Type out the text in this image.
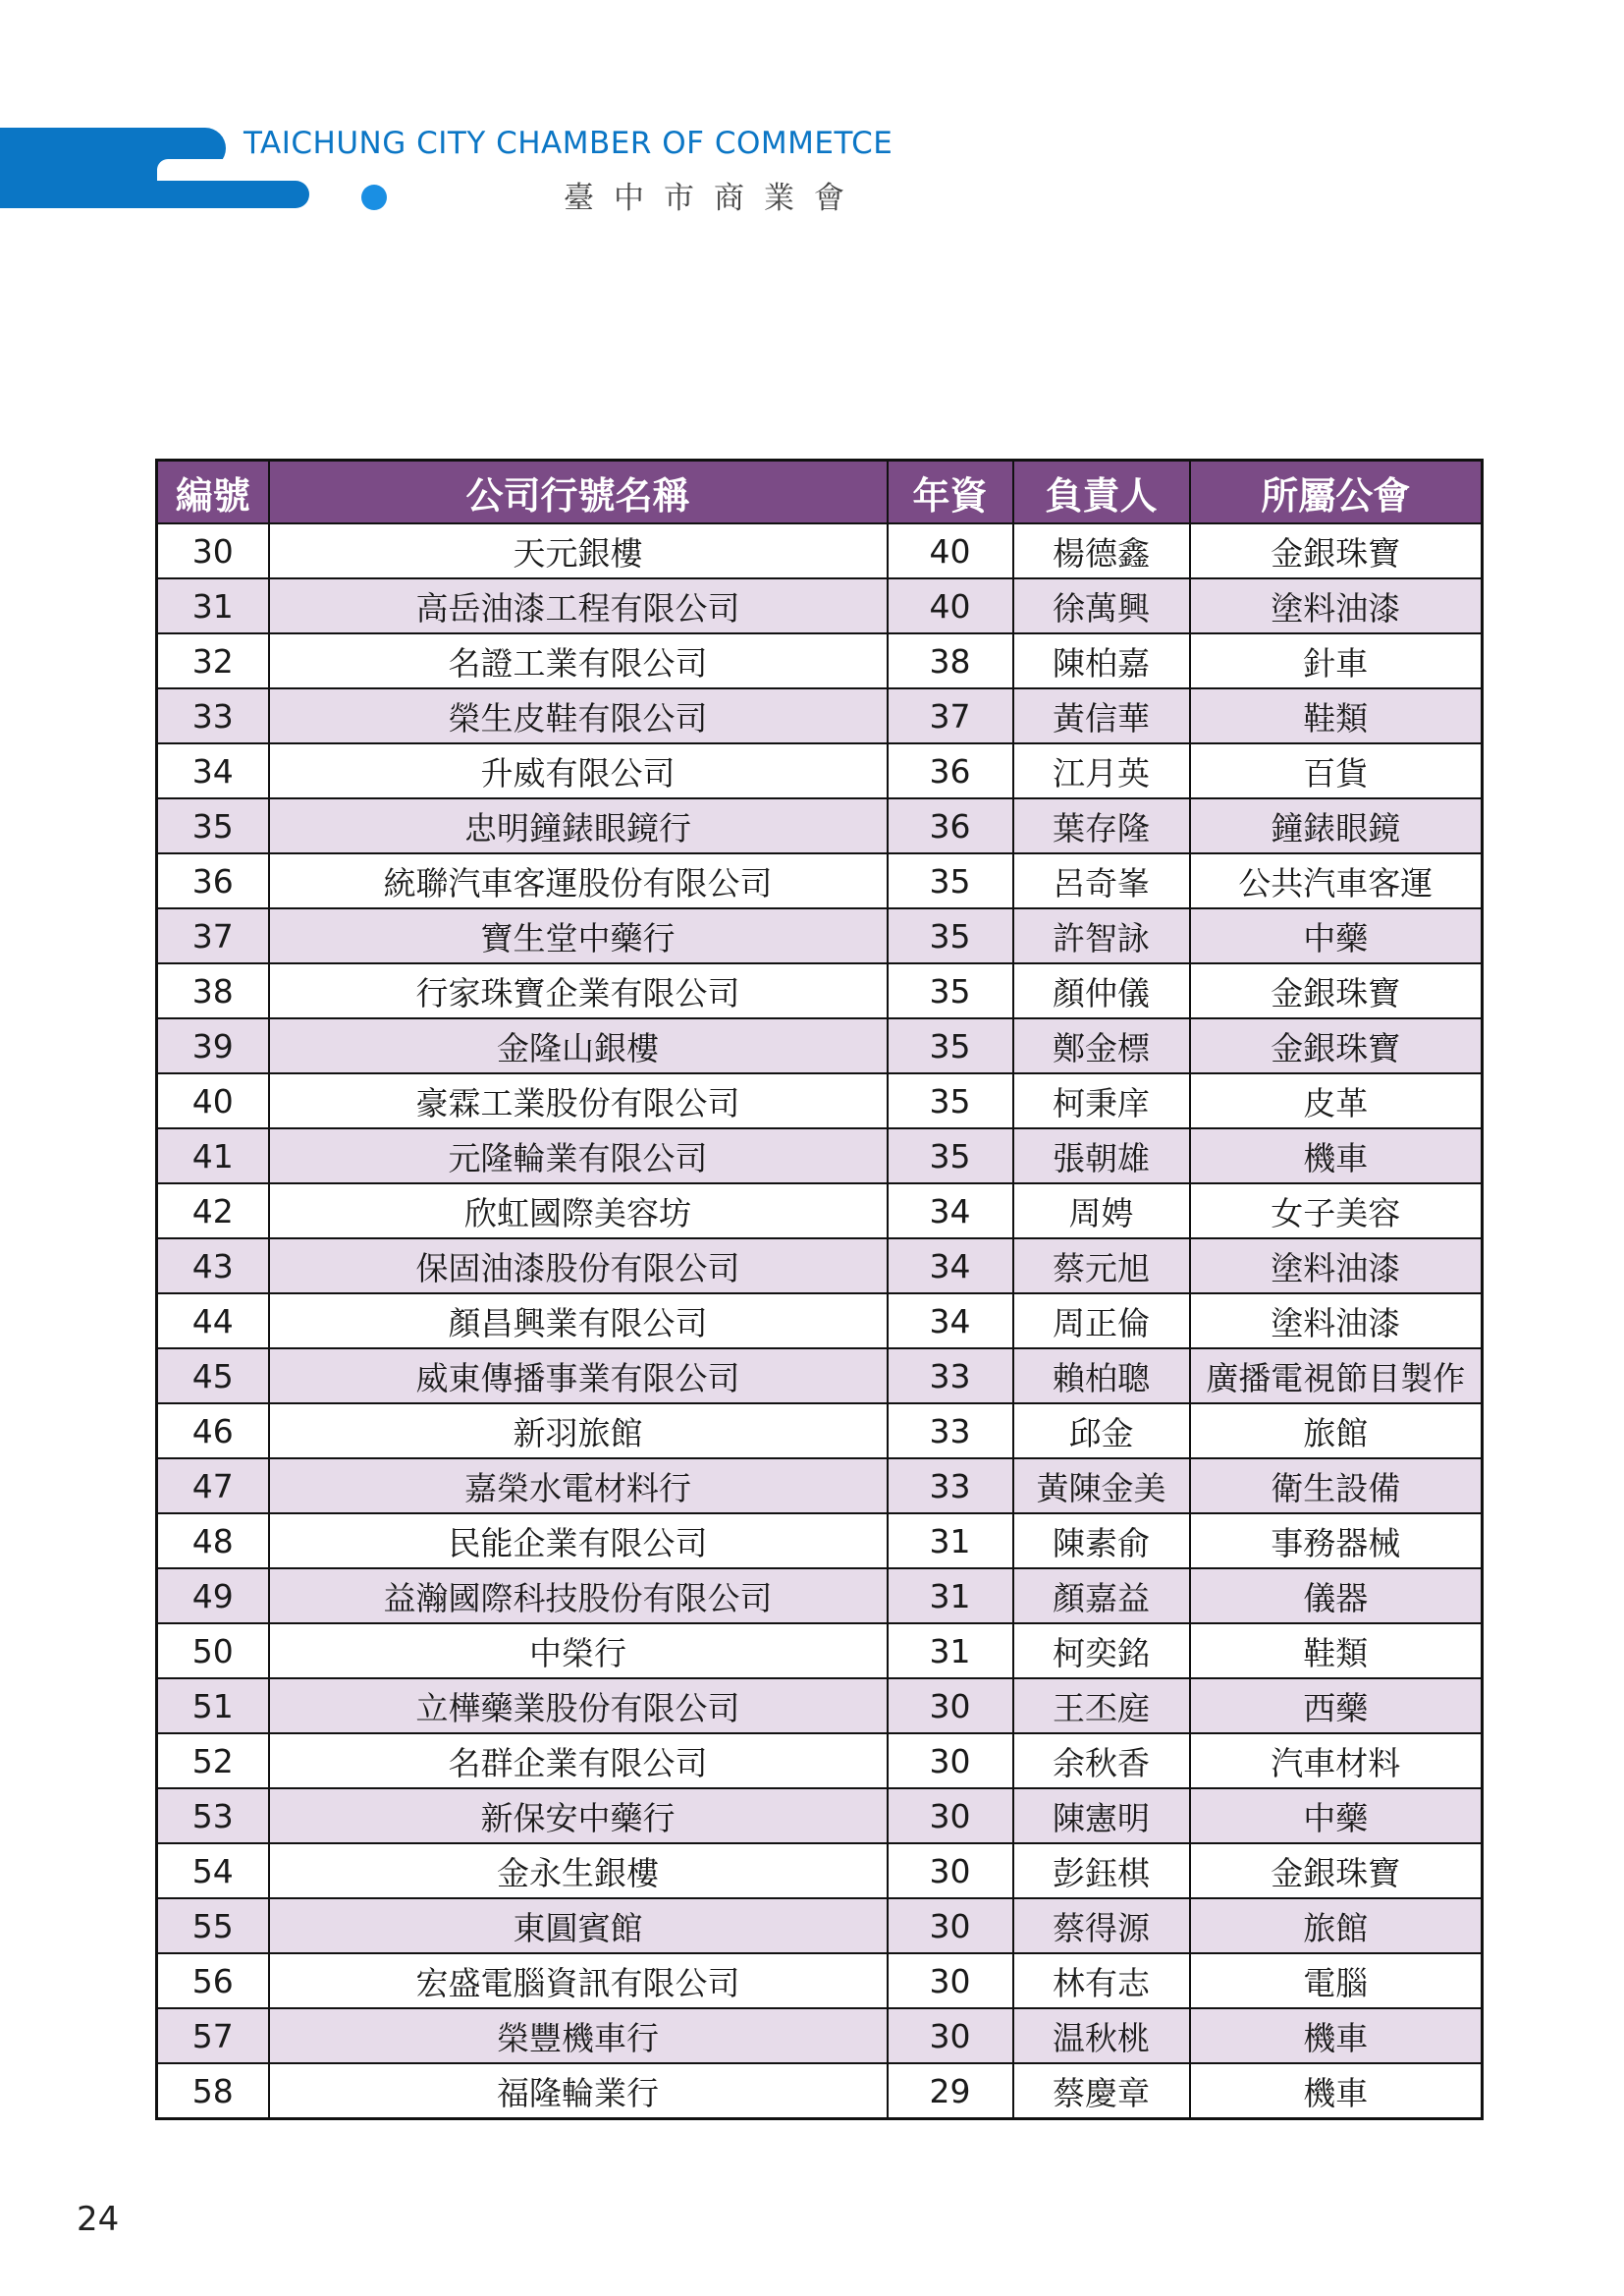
TAICHUNG CITY CHAMBER OF COMMETCE
臺中市商業會
編號	公司行號名稱	年資	負責人	所屬公會
30	天元銀樓	40	楊德鑫	金銀珠寶
31	高岳油漆工程有限公司	40	徐萬興	塗料油漆
32	名證工業有限公司	38	陳柏嘉	針車
33	榮生皮鞋有限公司	37	黃信華	鞋類
34	升威有限公司	36	江月英	百貨
35	忠明鐘錶眼鏡行	36	葉存隆	鐘錶眼鏡
36	統聯汽車客運股份有限公司	35	呂奇峯	公共汽車客運
37	寶生堂中藥行	35	許智詠	中藥
38	行家珠寶企業有限公司	35	顏仲儀	金銀珠寶
39	金隆山銀樓	35	鄭金標	金銀珠寶
40	豪霖工業股份有限公司	35	柯秉庠	皮革
41	元隆輪業有限公司	35	張朝雄	機車
42	欣虹國際美容坊	34	周娉	女子美容
43	保固油漆股份有限公司	34	蔡元旭	塗料油漆
44	顏昌興業有限公司	34	周正倫	塗料油漆
45	威東傳播事業有限公司	33	賴柏聰	廣播電視節目製作
46	新羽旅館	33	邱金	旅館
47	嘉榮水電材料行	33	黃陳金美	衛生設備
48	民能企業有限公司	31	陳素俞	事務器械
49	益瀚國際科技股份有限公司	31	顏嘉益	儀器
50	中榮行	31	柯奕銘	鞋類
51	立樺藥業股份有限公司	30	王丕庭	西藥
52	名群企業有限公司	30	余秋香	汽車材料
53	新保安中藥行	30	陳憲明	中藥
54	金永生銀樓	30	彭鈺棋	金銀珠寶
55	東圓賓館	30	蔡得源	旅館
56	宏盛電腦資訊有限公司	30	林有志	電腦
57	榮豐機車行	30	温秋桃	機車
58	福隆輪業行	29	蔡慶章	機車
24
